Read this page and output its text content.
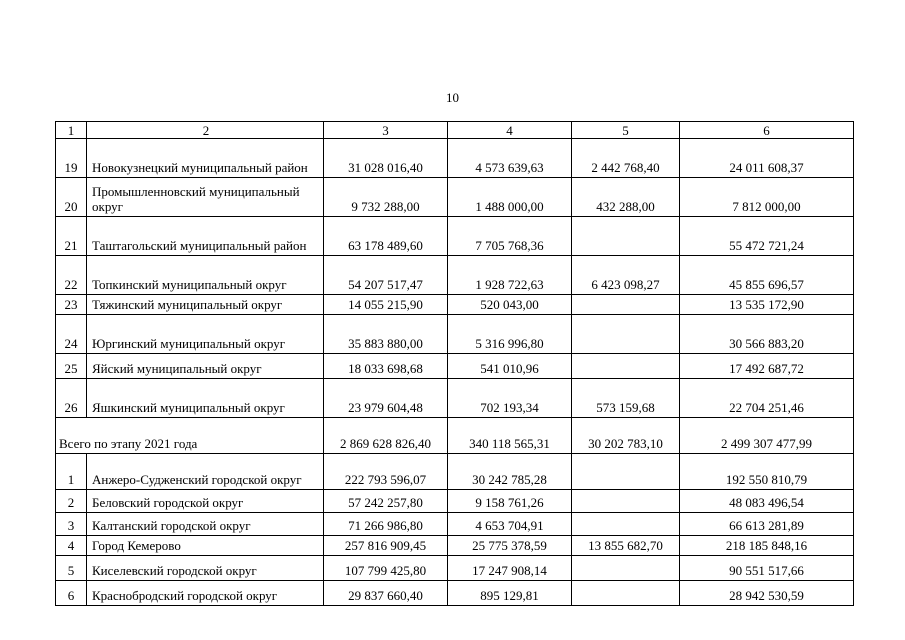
10
1	2	3	4	5	6
19	Новокузнецкий муниципальный район	31 028 016,40	4 573 639,63	2 442 768,40	24 011 608,37
20	Промышленновский муниципальный округ	9 732 288,00	1 488 000,00	432 288,00	7 812 000,00
21	Таштагольский муниципальный район	63 178 489,60	7 705 768,36		55 472 721,24
22	Топкинский муниципальный округ	54 207 517,47	1 928 722,63	6 423 098,27	45 855 696,57
23	Тяжинский муниципальный округ	14 055 215,90	520 043,00		13 535 172,90
24	Юргинский муниципальный округ	35 883 880,00	5 316 996,80		30 566 883,20
25	Яйский муниципальный округ	18 033 698,68	541 010,96		17 492 687,72
26	Яшкинский муниципальный округ	23 979 604,48	702 193,34	573 159,68	22 704 251,46
Всего по этапу 2021 года		2 869 628 826,40	340 118 565,31	30 202 783,10	2 499 307 477,99
1	Анжеро-Судженский городской округ	222 793 596,07	30 242 785,28		192 550 810,79
2	Беловский городской округ	57 242 257,80	9 158 761,26		48 083 496,54
3	Калтанский городской округ	71 266 986,80	4 653 704,91		66 613 281,89
4	Город Кемерово	257 816 909,45	25 775 378,59	13 855 682,70	218 185 848,16
5	Киселевский городской округ	107 799 425,80	17 247 908,14		90 551 517,66
6	Краснобродский городской округ	29 837 660,40	895 129,81		28 942 530,59
